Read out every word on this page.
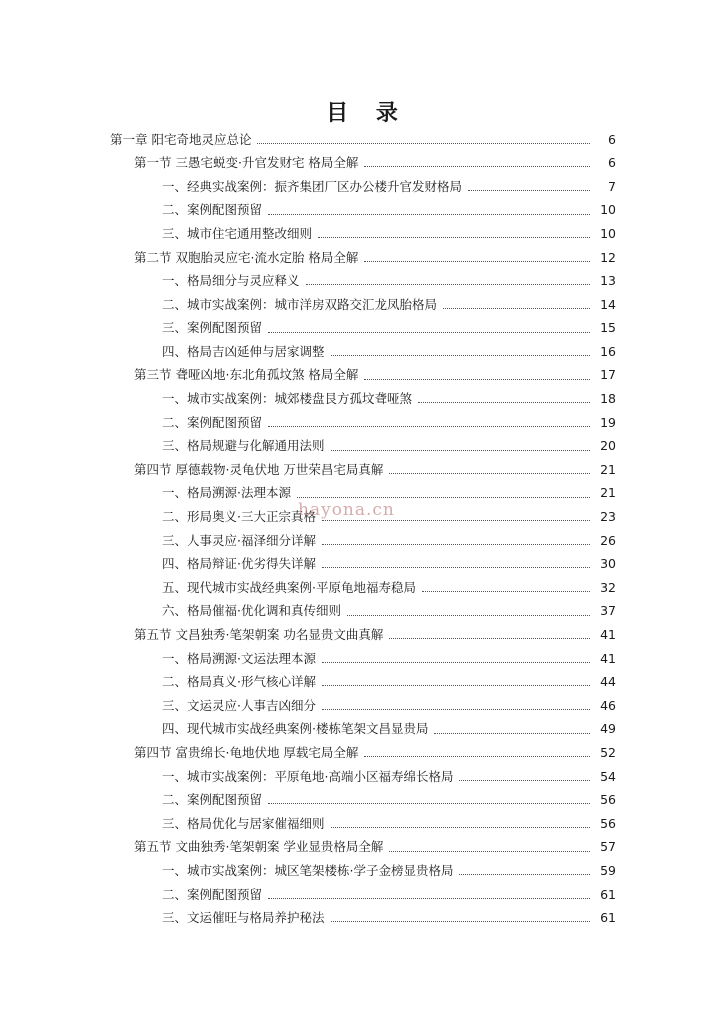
目 录
第一章 阳宅奇地灵应总论	6
第一节 三愚宅蜕变·升官发财宅 格局全解	6
一、经典实战案例：振齐集团厂区办公楼升官发财格局	7
二、案例配图预留	10
三、城市住宅通用整改细则	10
第二节 双胞胎灵应宅·流水定胎 格局全解	12
一、格局细分与灵应释义	13
二、城市实战案例：城市洋房双路交汇龙凤胎格局	14
三、案例配图预留	15
四、格局吉凶延伸与居家调整	16
第三节 聋哑凶地·东北角孤坟煞 格局全解	17
一、城市实战案例：城郊楼盘艮方孤坟聋哑煞	18
二、案例配图预留	19
三、格局规避与化解通用法则	20
第四节 厚德载物·灵龟伏地 万世荣昌宅局真解	21
一、格局溯源·法理本源	21
二、形局奥义·三大正宗真格	23
三、人事灵应·福泽细分详解	26
四、格局辩证·优劣得失详解	30
五、现代城市实战经典案例·平原龟地福寿稳局	32
六、格局催福·优化调和真传细则	37
第五节 文昌独秀·笔架朝案 功名显贵文曲真解	41
一、格局溯源·文运法理本源	41
二、格局真义·形气核心详解	44
三、文运灵应·人事吉凶细分	46
四、现代城市实战经典案例·楼栋笔架文昌显贵局	49
第四节 富贵绵长·龟地伏地 厚载宅局全解	52
一、城市实战案例：平原龟地·高端小区福寿绵长格局	54
二、案例配图预留	56
三、格局优化与居家催福细则	56
第五节 文曲独秀·笔架朝案 学业显贵格局全解	57
一、城市实战案例：城区笔架楼栋·学子金榜显贵格局	59
二、案例配图预留	61
三、文运催旺与格局养护秘法	61
hayona.cn
